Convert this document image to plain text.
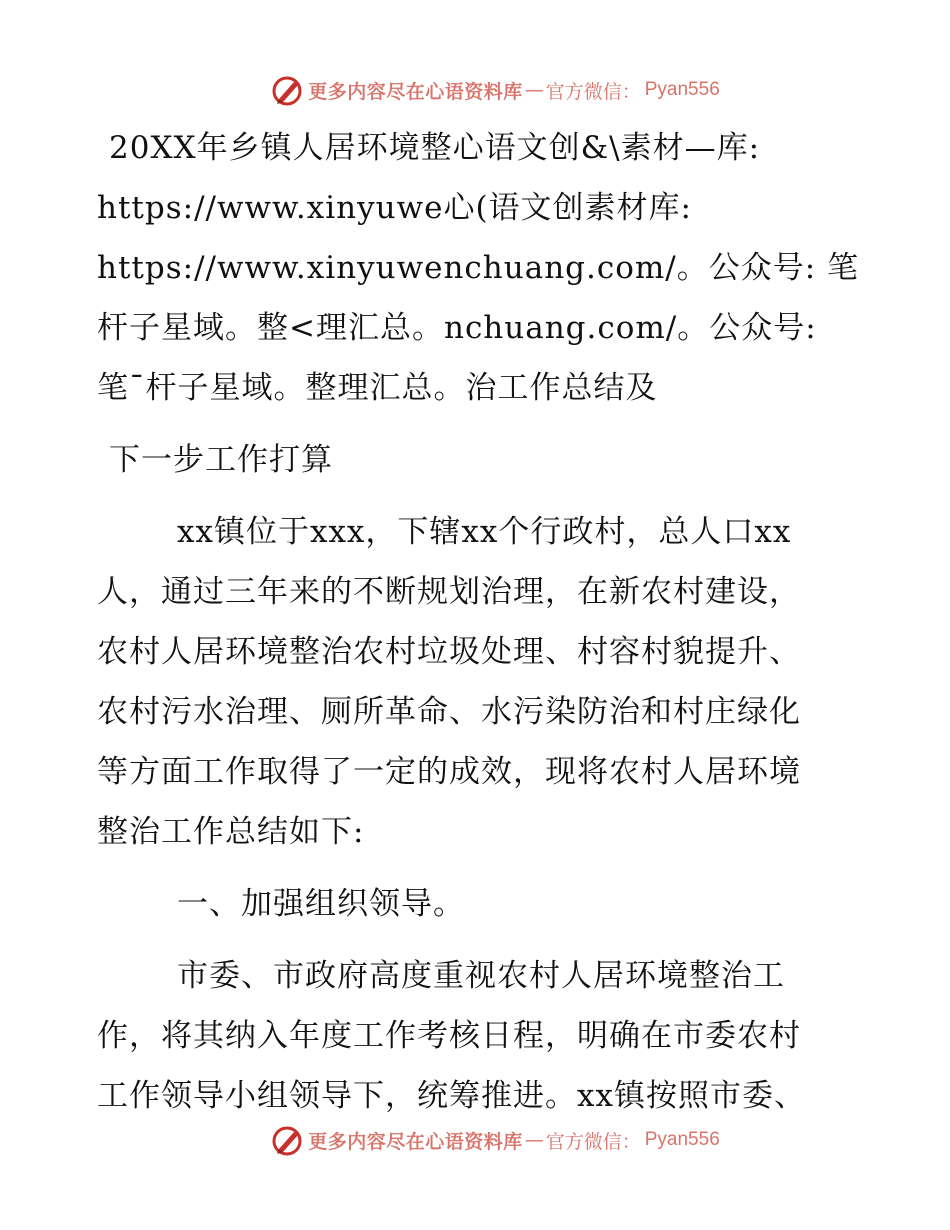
更多内容尽在心语资料库 — 官方微信： Pyan556
20XX年乡镇人居环境整心语文创&\素材—库:
https://www.xinyuwe心(语文创素材库:
https://www.xinyuwenchuang.com/。公众号: 笔
杆子星域。整<理汇总。nchuang.com/。公众号:
笔¯杆子星域。整理汇总。治工作总结及
下一步工作打算
xx镇位于xxx，下辖xx个行政村，总人口xx
人，通过三年来的不断规划治理，在新农村建设，
农村人居环境整治农村垃圾处理、村容村貌提升、
农村污水治理、厕所革命、水污染防治和村庄绿化
等方面工作取得了一定的成效，现将农村人居环境
整治工作总结如下:
一、加强组织领导。
市委、市政府高度重视农村人居环境整治工
作，将其纳入年度工作考核日程，明确在市委农村
工作领导小组领导下，统筹推进。xx镇按照市委、
更多内容尽在心语资料库 — 官方微信： Pyan556
